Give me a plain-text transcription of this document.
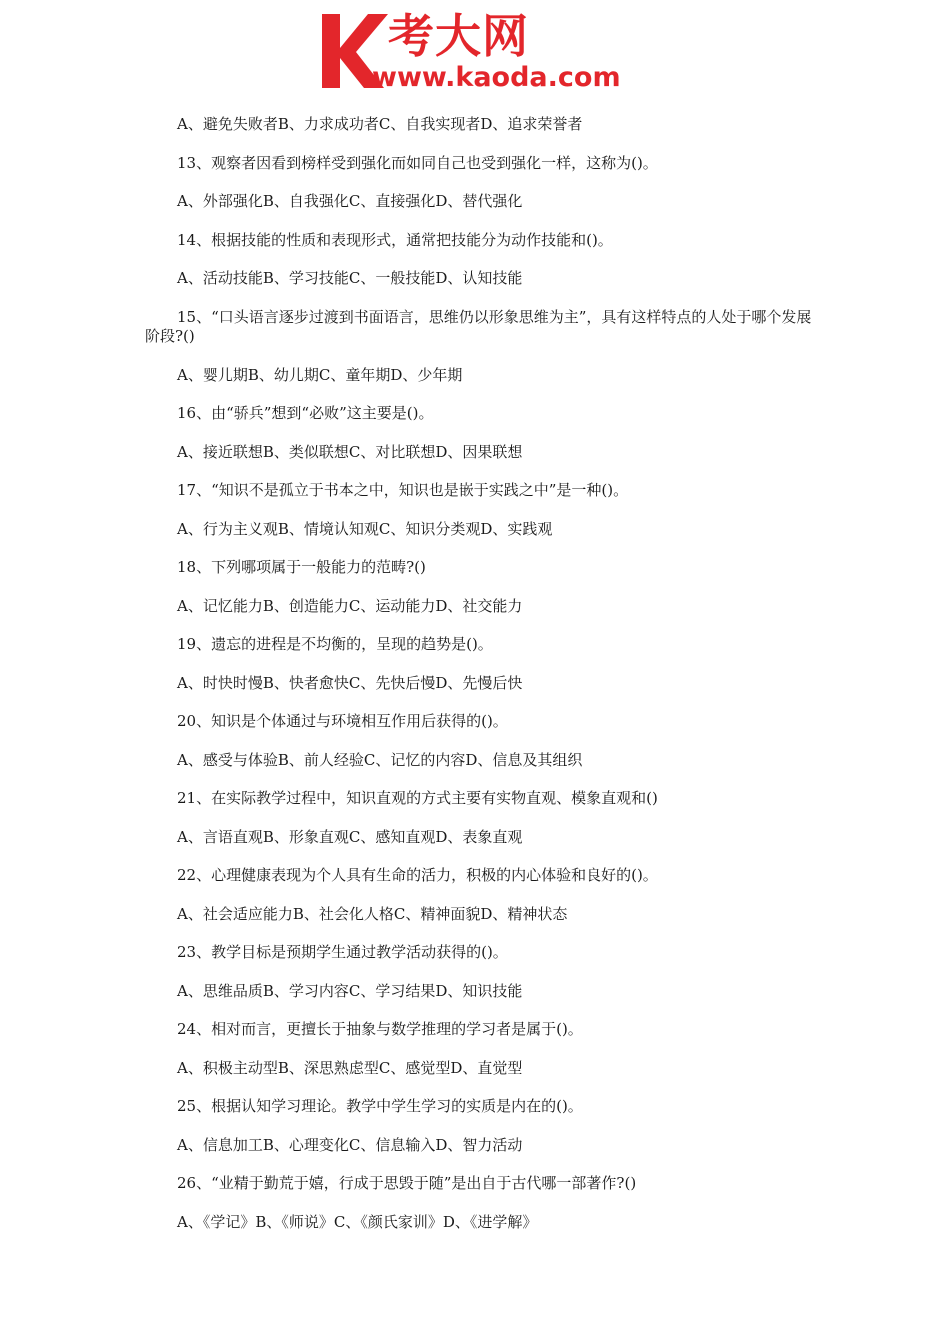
考大网
www.kaoda.com

A、避免失败者B、力求成功者C、自我实现者D、追求荣誉者

13、观察者因看到榜样受到强化而如同自己也受到强化一样，这称为()。

A、外部强化B、自我强化C、直接强化D、替代强化

14、根据技能的性质和表现形式，通常把技能分为动作技能和()。

A、活动技能B、学习技能C、一般技能D、认知技能

15、“口头语言逐步过渡到书面语言，思维仍以形象思维为主”，具有这样特点的人处于哪个发展阶段?()

A、婴儿期B、幼儿期C、童年期D、少年期

16、由“骄兵”想到“必败”这主要是()。

A、接近联想B、类似联想C、对比联想D、因果联想

17、“知识不是孤立于书本之中，知识也是嵌于实践之中”是一种()。

A、行为主义观B、情境认知观C、知识分类观D、实践观

18、下列哪项属于一般能力的范畴?()

A、记忆能力B、创造能力C、运动能力D、社交能力

19、遗忘的进程是不均衡的，呈现的趋势是()。

A、时快时慢B、快者愈快C、先快后慢D、先慢后快

20、知识是个体通过与环境相互作用后获得的()。

A、感受与体验B、前人经验C、记忆的内容D、信息及其组织

21、在实际教学过程中，知识直观的方式主要有实物直观、模象直观和()

A、言语直观B、形象直观C、感知直观D、表象直观

22、心理健康表现为个人具有生命的活力，积极的内心体验和良好的()。

A、社会适应能力B、社会化人格C、精神面貌D、精神状态

23、教学目标是预期学生通过教学活动获得的()。

A、思维品质B、学习内容C、学习结果D、知识技能

24、相对而言，更擅长于抽象与数学推理的学习者是属于()。

A、积极主动型B、深思熟虑型C、感觉型D、直觉型

25、根据认知学习理论。教学中学生学习的实质是内在的()。

A、信息加工B、心理变化C、信息输入D、智力活动

26、“业精于勤荒于嬉，行成于思毁于随”是出自于古代哪一部著作?()

A、《学记》B、《师说》C、《颜氏家训》D、《进学解》
